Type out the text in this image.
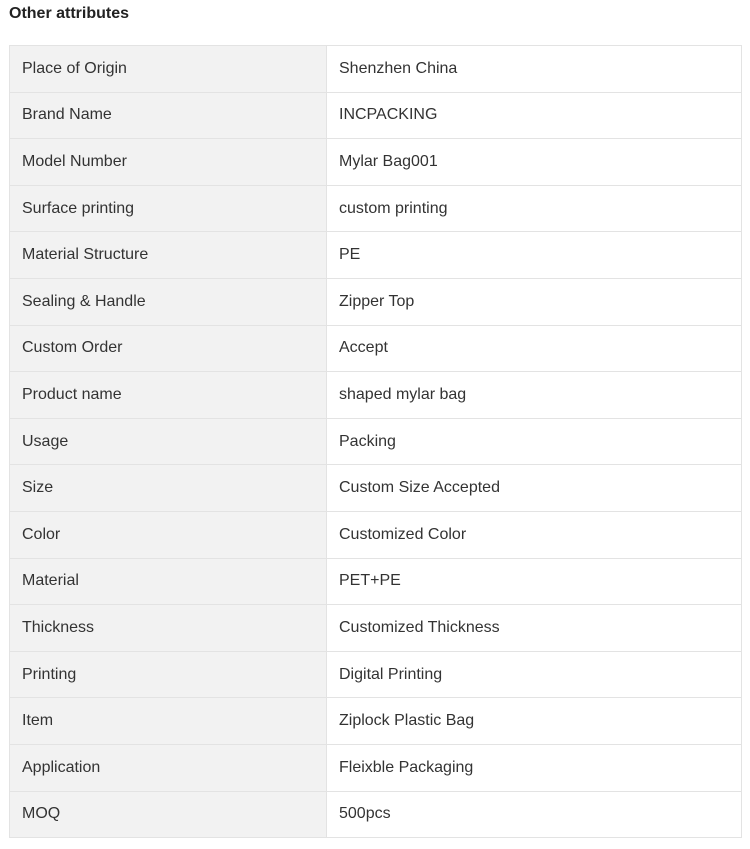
Other attributes
Place of Origin	Shenzhen China
Brand Name	INCPACKING
Model Number	Mylar Bag001
Surface printing	custom printing
Material Structure	PE
Sealing & Handle	Zipper Top
Custom Order	Accept
Product name	shaped mylar bag
Usage	Packing
Size	Custom Size Accepted
Color	Customized Color
Material	PET+PE
Thickness	Customized Thickness
Printing	Digital Printing
Item	Ziplock Plastic Bag
Application	Fleixble Packaging
MOQ	500pcs
